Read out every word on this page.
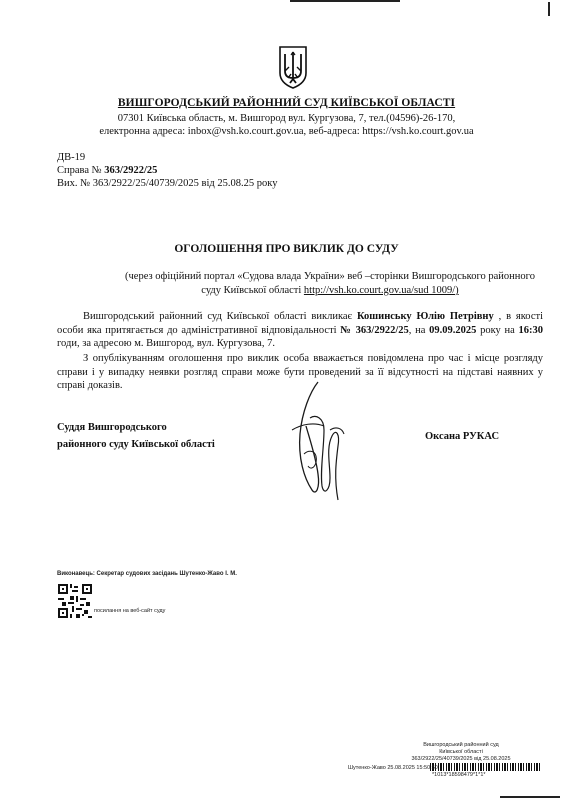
ВИШГОРОДСЬКИЙ РАЙОННИЙ СУД КИЇВСЬКОЇ ОБЛАСТІ
07301 Київська область, м. Вишгород вул. Кургузова, 7, тел.(04596)-26-170,
електронна адреса: inbox@vsh.ko.court.gov.ua, веб-адреса: https://vsh.ko.court.gov.ua
ДВ-19
Справа № 363/2922/25
Вих. № 363/2922/25/40739/2025 від 25.08.25 року
ОГОЛОШЕННЯ ПРО ВИКЛИК ДО СУДУ
(через офіційний портал «Судова влада України» веб –сторінки Вишгородського районного суду Київської області http://vsh.ko.court.gov.ua/sud 1009/)
Вишгородський районний суд Київської області викликає Кошинську Юлію Петрівну , в якості особи яка притягається до адміністративної відповідальності № 363/2922/25, на 09.09.2025 року на 16:30 годи, за адресою м. Вишгород, вул. Кургузова, 7.
З опублікуванням оголошення про виклик особа вважається повідомлена про час і місце розгляду справи і у випадку неявки розгляд справи може бути проведений за її відсутності на підставі наявних у справі доказів.
Суддя Вишгородського
районного суду Київської області
Оксана РУКАС
Виконавець: Секретар судових засідань Шутенко-Жаво І. М.
посилання на веб-сайт суду
Вишгородський районний суд
Київської області
363/2922/25/40739/2025 від 25.08.2025
Шутенко-Жаво 25.08.2025 15:50:50
*1013*18598479*1*1*
